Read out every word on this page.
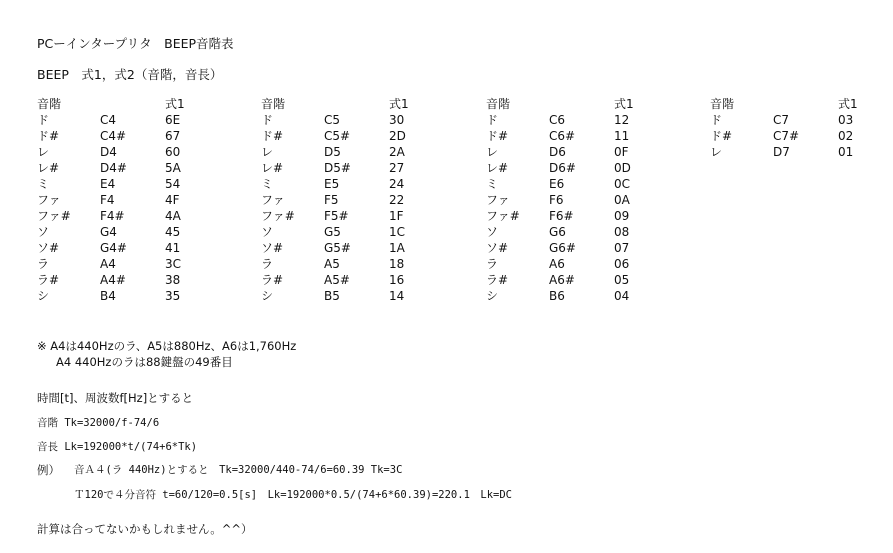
PCーインタープリタ　BEEP音階表
BEEP　式1，式2（音階，音長）
音階	式1
ド	C4	6E
ド#	C4#	67
レ	D4	60
レ#	D4#	5A
ミ	E4	54
ファ	F4	4F
ファ# F4#	4A
ソ	G4	45
ソ#	G4#	41
ラ	A4	3C
ラ#	A4#	38
シ	B4	35
音階	式1
ド	C5	30
ド#	C5#	2D
レ	D5	2A
レ#	D5#	27
ミ	E5	24
ファ	F5	22
ファ# F5#	1F
ソ	G5	1C
ソ#	G5#	1A
ラ	A5	18
ラ#	A5#	16
シ	B5	14
音階	式1
ド	C6	12
ド#	C6#	11
レ	D6	0F
レ#	D6#	0D
ミ	E6	0C
ファ	F6	0A
ファ# F6#	09
ソ	G6	08
ソ#	G6#	07
ラ	A6	06
ラ#	A6#	05
シ	B6	04
音階	式1
ド	C7	03
ド#	C7#	02
レ	D7	01
※ A4は440Hzのラ、A5は880Hz、A6は1,760Hz
A4 440Hzのラは88鍵盤の49番目
時間[t]、周波数f[Hz]とすると
音階 Tk=32000/f-74/6
音長 Lk=192000*t/(74+6*Tk)
例） 音Ａ４(ラ 440Hz)とすると　Tk=32000/440-74/6=60.39 Tk=3C
Ｔ120で４分音符 t=60/120=0.5[s]　Lk=192000*0.5/(74+6*60.39)=220.1　Lk=DC
計算は合ってないかもしれません。^^）
